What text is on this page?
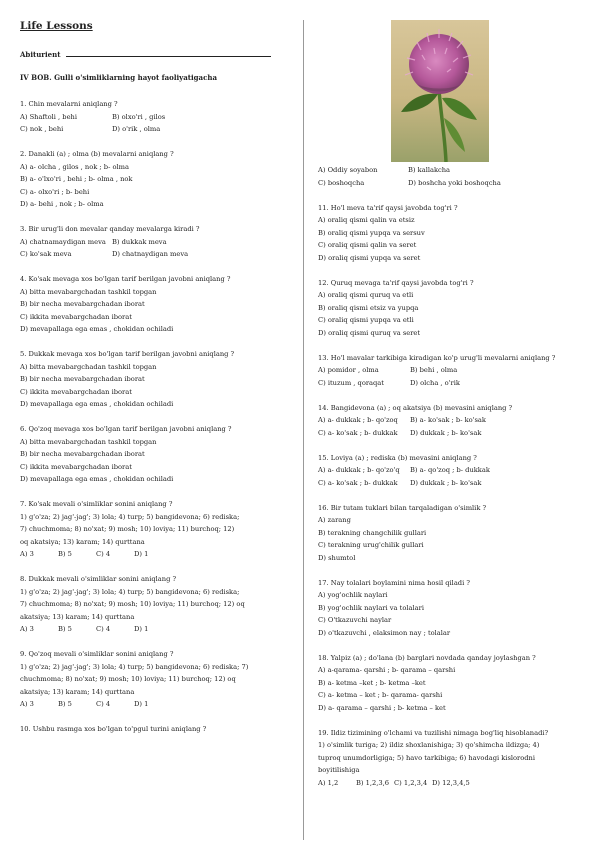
Life Lessons
Abiturient
IV BOB. Gulli o'simliklarning hayot faoliyatigacha
1. Chin mevalarni aniqlang ?
A) Shaftoli , behi	B) olxo'ri , gilos
C) nok , behi	D) o'rik , olma
2. Danakli (a) ; olma (b) mevalarni aniqlang ?
A) a- olcha , gilos , nok ; b- olma
B) a- o'lxo'ri , behi ; b- olma , nok
C) a- olxo'ri ; b- behi
D) a- behi , nok ; b- olma
3. Bir urug'li don mevalar qanday mevalarga kiradi ?
A) chatnamaydigan meva B) dukkak meva
C) ko'sak meva	D) chatnaydigan meva
4. Ko'sak mevaga xos bo'lgan tarif berilgan javobni aniqlang ?
A) bitta mevabargchadan tashkil topgan
B) bir necha mevabargchadan iborat
C) ikkita mevabargchadan iborat
D) mevapallaga ega emas , chokidan ochiladi
5. Dukkak mevaga xos bo'lgan tarif berilgan javobni aniqlang ?
A) bitta mevabargchadan tashkil topgan
B) bir necha mevabargchadan iborat
C) ikkita mevabargchadan iborat
D) mevapallaga ega emas , chokidan ochiladi
6. Qo'zoq mevaga xos bo'lgan tarif berilgan javobni aniqlang ?
A) bitta mevabargchadan tashkil topgan
B) bir necha mevabargchadan iborat
C) ikkita mevabargchadan iborat
D) mevapallaga ega emas , chokidan ochiladi
7. Ko'sak mevali o'simliklar sonini aniqlang ?
1) g'o'za; 2) jag'-jag'; 3) lola; 4) turp; 5) bangidevona; 6) rediska;
7) chuchmoma; 8) no'xat; 9) mosh; 10) loviya; 11) burchoq; 12)
oq akatsiya; 13) karam; 14) qurttana
A) 3	B) 5	C) 4	D) 1
8. Dukkak mevali o'simliklar sonini aniqlang ?
1) g'o'za; 2) jag'-jag'; 3) lola; 4) turp; 5) bangidevona; 6) rediska;
7) chuchmoma; 8) no'xat; 9) mosh; 10) loviya; 11) burchoq; 12) oq
akatsiya; 13) karam; 14) qurttana
A) 3	B) 5	C) 4	D) 1
9. Qo'zoq mevali o'simliklar sonini aniqlang ?
1) g'o'za; 2) jag'-jag'; 3) lola; 4) turp; 5) bangidevona; 6) rediska; 7)
chuchmoma; 8) no'xat; 9) mosh; 10) loviya; 11) burchoq; 12) oq
akatsiya; 13) karam; 14) qurttana
A) 3	B) 5	C) 4	D) 1
10. Ushbu rasmga xos bo'lgan to'pgul turini aniqlang ?
A) Oddiy soyabon	B) kallakcha
C) boshoqcha	D) boshcha yoki boshoqcha
11. Ho'l meva ta'rif qaysi javobda tog'ri ?
A) oraliq qismi qalin va etsiz
B) oraliq qismi yupqa va sersuv
C) oraliq qismi qalin va seret
D) oraliq qismi yupqa va seret
12. Quruq mevaga ta'rif qaysi javobda tog'ri ?
A) oraliq qismi quruq va etli
B) oraliq qismi etsiz va yupqa
C) oraliq qismi yupqa va etli
D) oraliq qismi quruq va seret
13. Ho'l mavalar tarkibiga kiradigan ko'p urug'li mevalarni aniqlang ?
A) pomidor , olma	B) behi , olma
C) ituzum , qoraqat	D) olcha , o'rik
14. Bangidevona (a) ; oq akatsiya (b) mevasini aniqlang ?
A) a- dukkak ; b- qo'zoq B) a- ko'sak ; b- ko'sak
C) a- ko'sak ; b- dukkak D) dukkak ; b- ko'sak
15. Loviya (a) ; rediska (b) mevasini aniqlang ?
A) a- dukkak ; b- qo'zo'q B) a- qo'zoq ; b- dukkak
C) a- ko'sak ; b- dukkak D) dukkak ; b- ko'sak
16. Bir tutam tuklari bilan tarqaladigan o'simlik ?
A) zarang
B) terakning changchilik gullari
C) terakning urug'chilik gullari
D) shumtol
17. Nay tolalari boylamini nima hosil qiladi ?
A) yog'ochlik naylari
B) yog'ochlik naylari va tolalari
C) O'tkazuvchi naylar
D) o'tkazuvchi , elaksimon nay ; tolalar
18. Yalpiz (a) ; do'lana (b) barglari novdada qanday joylashgan ?
A) a-qarama- qarshi ; b- qarama – qarshi
B) a- ketma –ket ; b- ketma –ket
C) a- ketma – ket ; b- qarama- qarshi
D) a- qarama – qarshi ; b- ketma – ket
19. Ildiz tizimining o'lchami va tuzilishi nimaga bog'liq hisoblanadi?
1) o'simlik turiga; 2) ildiz shoxlanishiga; 3) qo'shimcha ildizga; 4)
tuproq unumdorligiga; 5) havo tarkibiga; 6) havodagi kislorodni
boyitilishiga
A) 1,2	B) 1,2,3,6 C) 1,2,3,4 D) 12,3,4,5
